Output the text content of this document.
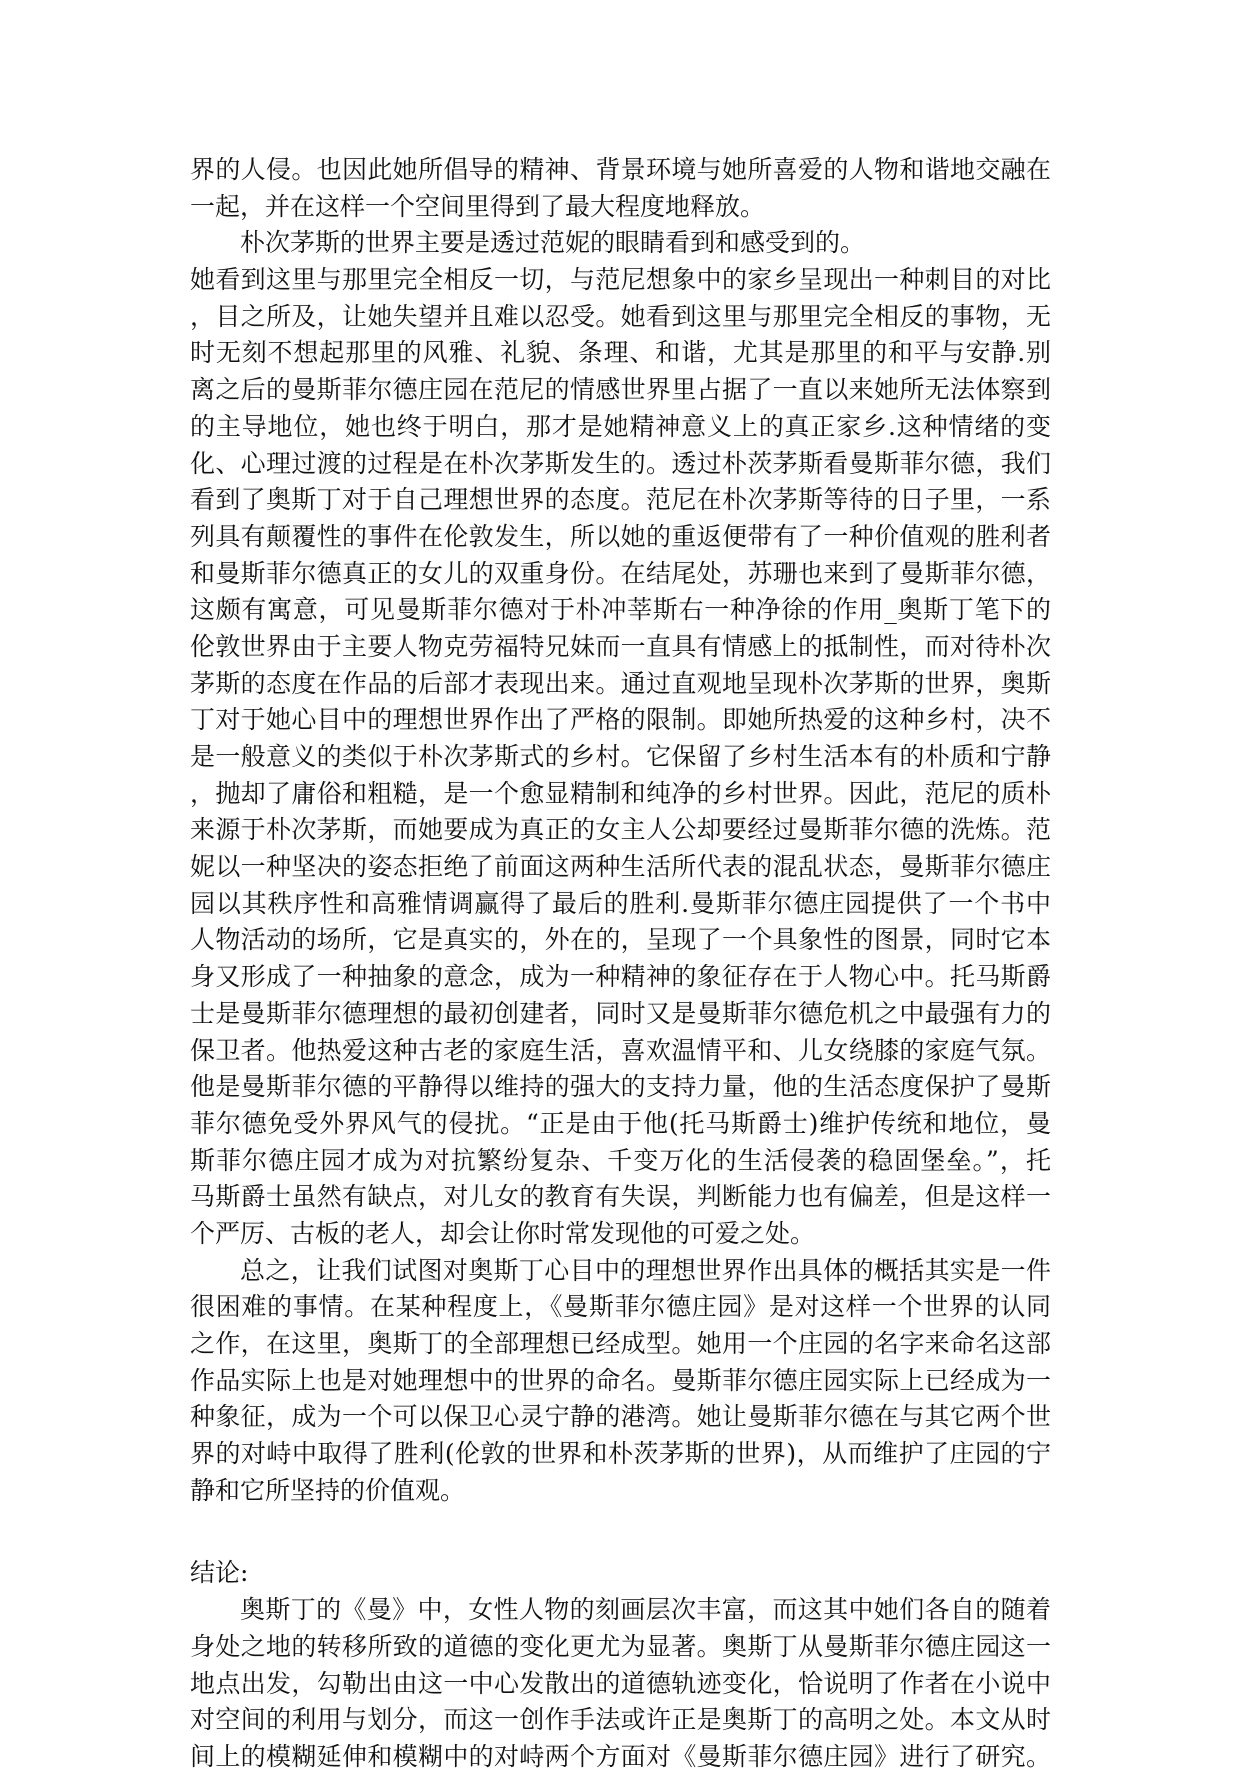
界的人侵。也因此她所倡导的精神、背景环境与她所喜爱的人物和谐地交融在
一起，并在这样一个空间里得到了最大程度地释放。
朴次茅斯的世界主要是透过范妮的眼睛看到和感受到的。
她看到这里与那里完全相反一切，与范尼想象中的家乡呈现出一种刺目的对比
，目之所及，让她失望并且难以忍受。她看到这里与那里完全相反的事物，无
时无刻不想起那里的风雅、礼貌、条理、和谐，尤其是那里的和平与安静.别
离之后的曼斯菲尔德庄园在范尼的情感世界里占据了一直以来她所无法体察到
的主导地位，她也终于明白，那才是她精神意义上的真正家乡.这种情绪的变
化、心理过渡的过程是在朴次茅斯发生的。透过朴茨茅斯看曼斯菲尔德，我们
看到了奥斯丁对于自己理想世界的态度。范尼在朴次茅斯等待的日子里，一系
列具有颠覆性的事件在伦敦发生，所以她的重返便带有了一种价值观的胜利者
和曼斯菲尔德真正的女儿的双重身份。在结尾处，苏珊也来到了曼斯菲尔德，
这颇有寓意，可见曼斯菲尔德对于朴冲莘斯右一种净徐的作用_奥斯丁笔下的
伦敦世界由于主要人物克劳福特兄妹而一直具有情感上的抵制性，而对待朴次
茅斯的态度在作品的后部才表现出来。通过直观地呈现朴次茅斯的世界，奥斯
丁对于她心目中的理想世界作出了严格的限制。即她所热爱的这种乡村，决不
是一般意义的类似于朴次茅斯式的乡村。它保留了乡村生活本有的朴质和宁静
，抛却了庸俗和粗糙，是一个愈显精制和纯净的乡村世界。因此，范尼的质朴
来源于朴次茅斯，而她要成为真正的女主人公却要经过曼斯菲尔德的洗炼。范
妮以一种坚决的姿态拒绝了前面这两种生活所代表的混乱状态，曼斯菲尔德庄
园以其秩序性和高雅情调赢得了最后的胜利.曼斯菲尔德庄园提供了一个书中
人物活动的场所，它是真实的，外在的，呈现了一个具象性的图景，同时它本
身又形成了一种抽象的意念，成为一种精神的象征存在于人物心中。托马斯爵
士是曼斯菲尔德理想的最初创建者，同时又是曼斯菲尔德危机之中最强有力的
保卫者。他热爱这种古老的家庭生活，喜欢温情平和、儿女绕膝的家庭气氛。
他是曼斯菲尔德的平静得以维持的强大的支持力量，他的生活态度保护了曼斯
菲尔德免受外界风气的侵扰。“正是由于他(托马斯爵士)维护传统和地位，曼
斯菲尔德庄园才成为对抗繁纷复杂、千变万化的生活侵袭的稳固堡垒。”，托
马斯爵士虽然有缺点，对儿女的教育有失误，判断能力也有偏差，但是这样一
个严厉、古板的老人，却会让你时常发现他的可爱之处。
总之，让我们试图对奥斯丁心目中的理想世界作出具体的概括其实是一件
很困难的事情。在某种程度上，《曼斯菲尔德庄园》是对这样一个世界的认同
之作，在这里，奥斯丁的全部理想已经成型。她用一个庄园的名字来命名这部
作品实际上也是对她理想中的世界的命名。曼斯菲尔德庄园实际上已经成为一
种象征，成为一个可以保卫心灵宁静的港湾。她让曼斯菲尔德在与其它两个世
界的对峙中取得了胜利(伦敦的世界和朴茨茅斯的世界)，从而维护了庄园的宁
静和它所坚持的价值观。
结论:
奥斯丁的《曼》中，女性人物的刻画层次丰富，而这其中她们各自的随着
身处之地的转移所致的道德的变化更尤为显著。奥斯丁从曼斯菲尔德庄园这一
地点出发，勾勒出由这一中心发散出的道德轨迹变化，恰说明了作者在小说中
对空间的利用与划分，而这一创作手法或许正是奥斯丁的高明之处。本文从时
间上的模糊延伸和模糊中的对峙两个方面对《曼斯菲尔德庄园》进行了研究。
